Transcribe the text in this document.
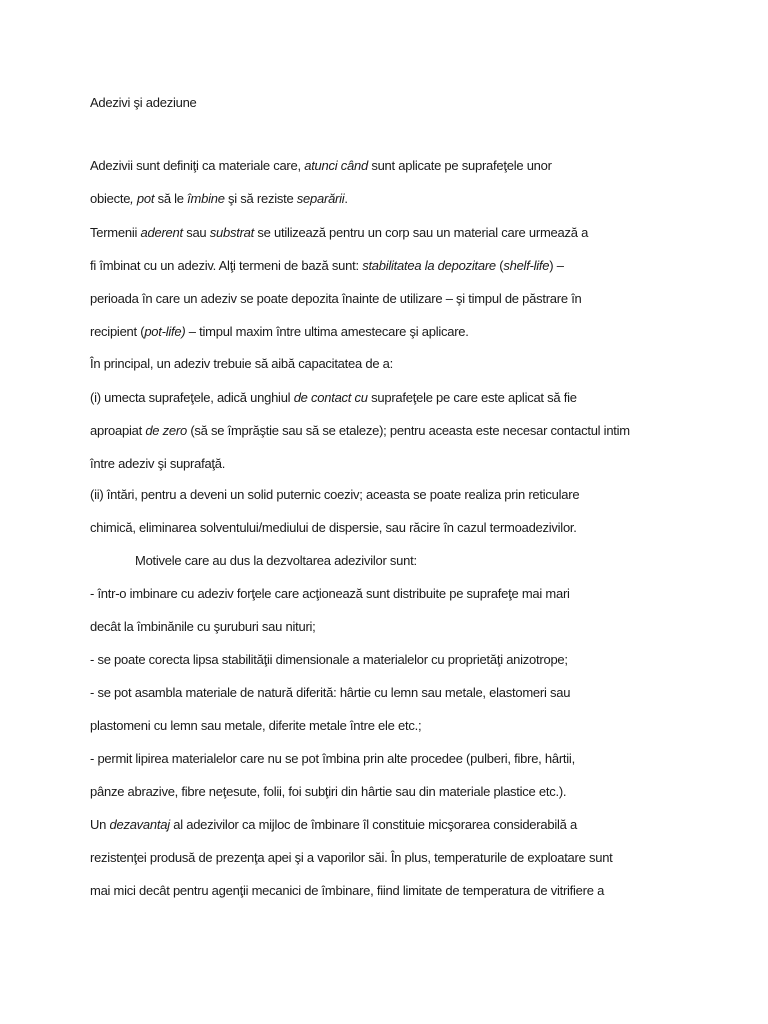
Adezivi şi adeziune

Adezivii sunt definiţi ca materiale care, atunci când sunt aplicate pe suprafeţele unor

obiecte, pot să le îmbine şi să reziste separării.

Termenii aderent sau substrat se utilizează pentru un corp sau un material care urmează a

fi îmbinat cu un adeziv. Alţi termeni de bază sunt: stabilitatea la depozitare (shelf-life) –

perioada în care un adeziv se poate depozita înainte de utilizare – şi timpul de păstrare în

recipient (pot-life) – timpul maxim între ultima amestecare şi aplicare.

În principal, un adeziv trebuie să aibă capacitatea de a:

(i) umecta suprafeţele, adică unghiul de contact cu suprafeţele pe care este aplicat să fie

aproapiat de zero (să se împrăştie sau să se etaleze); pentru aceasta este necesar contactul intim

între adeziv şi suprafaţă.

(ii) întări, pentru a deveni un solid puternic coeziv; aceasta se poate realiza prin reticulare

chimică, eliminarea solventului/mediului de dispersie, sau răcire în cazul termoadezivilor.

Motivele care au dus la dezvoltarea adezivilor sunt:

- într-o imbinare cu adeziv forţele care acţionează sunt distribuite pe suprafeţe mai mari

decât la îmbinănile cu şuruburi sau nituri;

- se poate corecta lipsa stabilităţii dimensionale a materialelor cu proprietăţi anizotrope;

- se pot asambla materiale de natură diferită: hârtie cu lemn sau metale, elastomeri sau

plastomeni cu lemn sau metale, diferite metale între ele etc.;

- permit lipirea materialelor care nu se pot îmbina prin alte procedee (pulberi, fibre, hârtii,

pânze abrazive, fibre neţesute, folii, foi subţiri din hârtie sau din materiale plastice etc.).

Un dezavantaj al adezivilor ca mijloc de îmbinare îl constituie micşorarea considerabilă a

rezistenţei produsă de prezenţa apei şi a vaporilor săi. În plus, temperaturile de exploatare sunt

mai mici decât pentru agenţii mecanici de îmbinare, fiind limitate de temperatura de vitrifiere a
